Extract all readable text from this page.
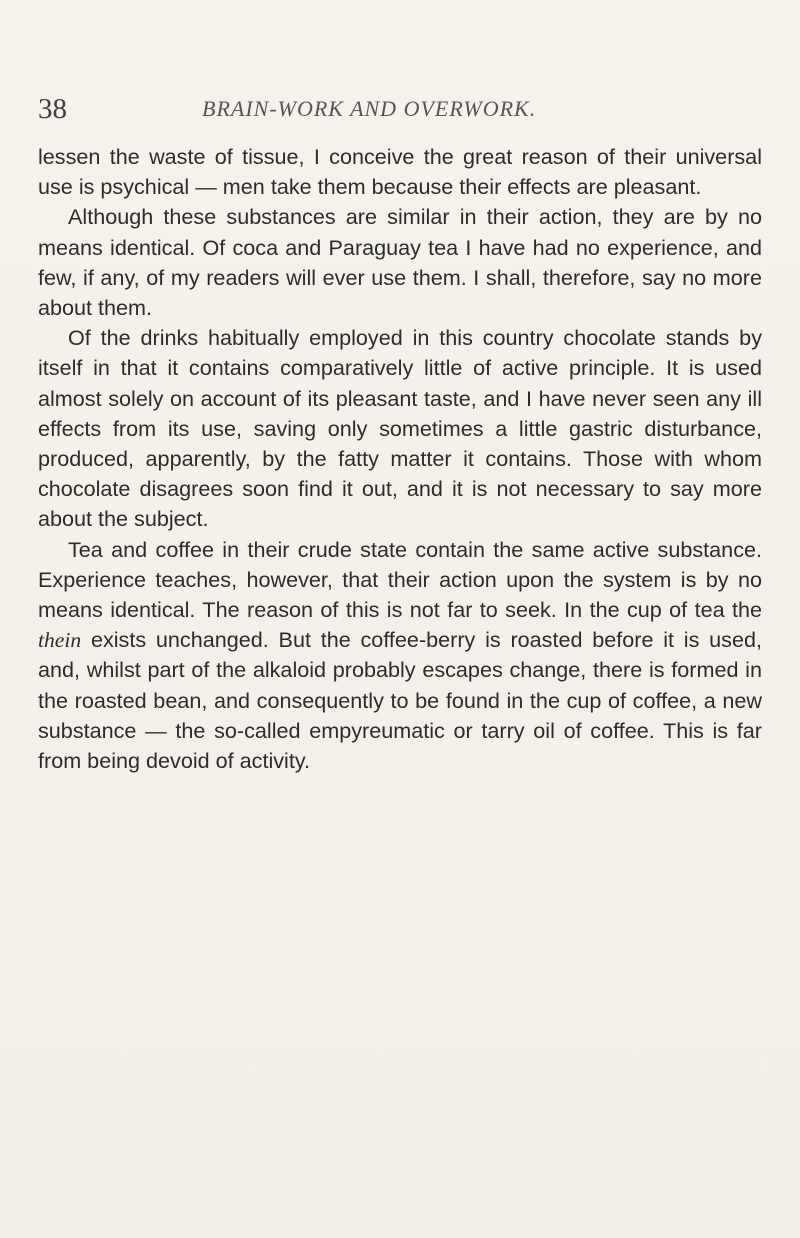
38	BRAIN-WORK AND OVERWORK.

lessen the waste of tissue, I conceive the great reason of their universal use is psychical — men take them because their effects are pleasant.

Although these substances are similar in their action, they are by no means identical. Of coca and Paraguay tea I have had no experience, and few, if any, of my readers will ever use them. I shall, therefore, say no more about them.

Of the drinks habitually employed in this country chocolate stands by itself in that it contains comparatively little of active principle. It is used almost solely on account of its pleasant taste, and I have never seen any ill effects from its use, saving only sometimes a little gastric disturbance, produced, apparently, by the fatty matter it contains. Those with whom chocolate disagrees soon find it out, and it is not necessary to say more about the subject.

Tea and coffee in their crude state contain the same active substance. Experience teaches, however, that their action upon the system is by no means identical. The reason of this is not far to seek. In the cup of tea the thein exists unchanged. But the coffee-berry is roasted before it is used, and, whilst part of the alkaloid probably escapes change, there is formed in the roasted bean, and consequently to be found in the cup of coffee, a new substance — the so-called empyreumatic or tarry oil of coffee. This is far from being devoid of activity.
